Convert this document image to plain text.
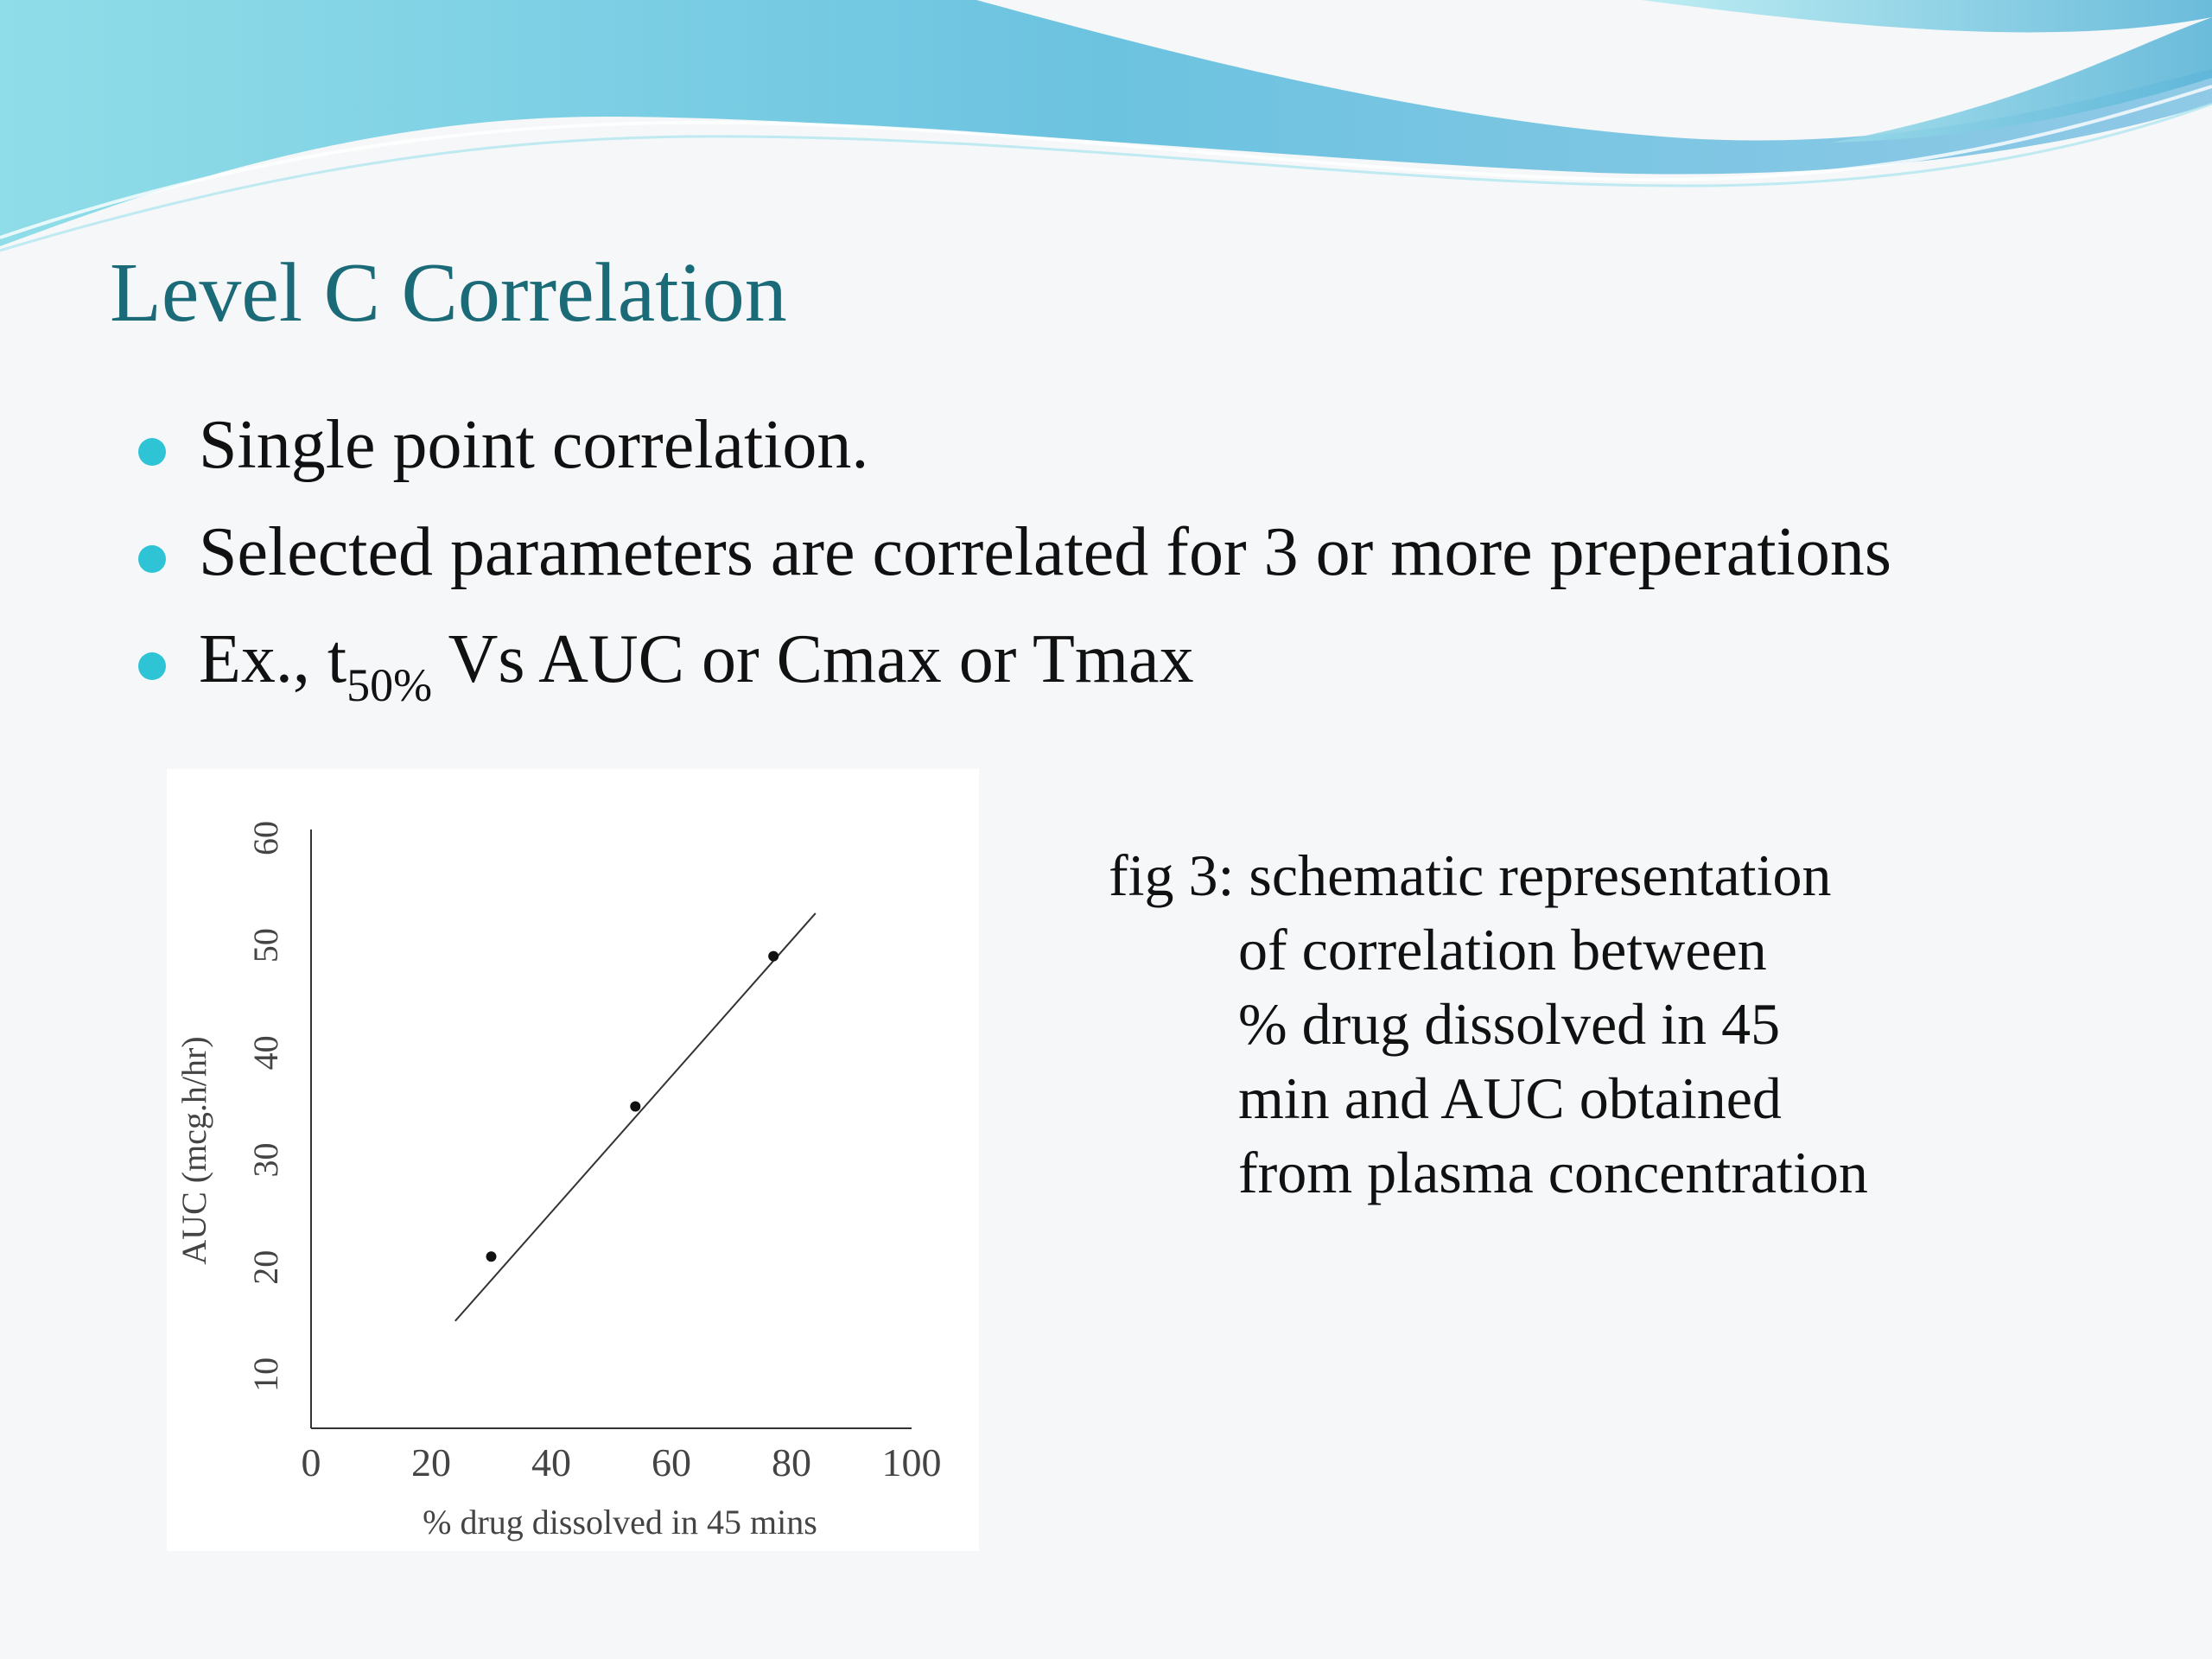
Level C Correlation
Single point correlation.
Selected parameters are correlated for 3 or more preperations
Ex., $t_{50\%}$ Vs AUC or Cmax or Tmax
0 20 40 60 80 100
10
20
30
40
50
60
% drug dissolved in 45 mins
AUC (mcg.h/hr)
fig 3: schematic representation
of correlation between
% drug dissolved in 45
min and AUC obtained
from plasma concentration
